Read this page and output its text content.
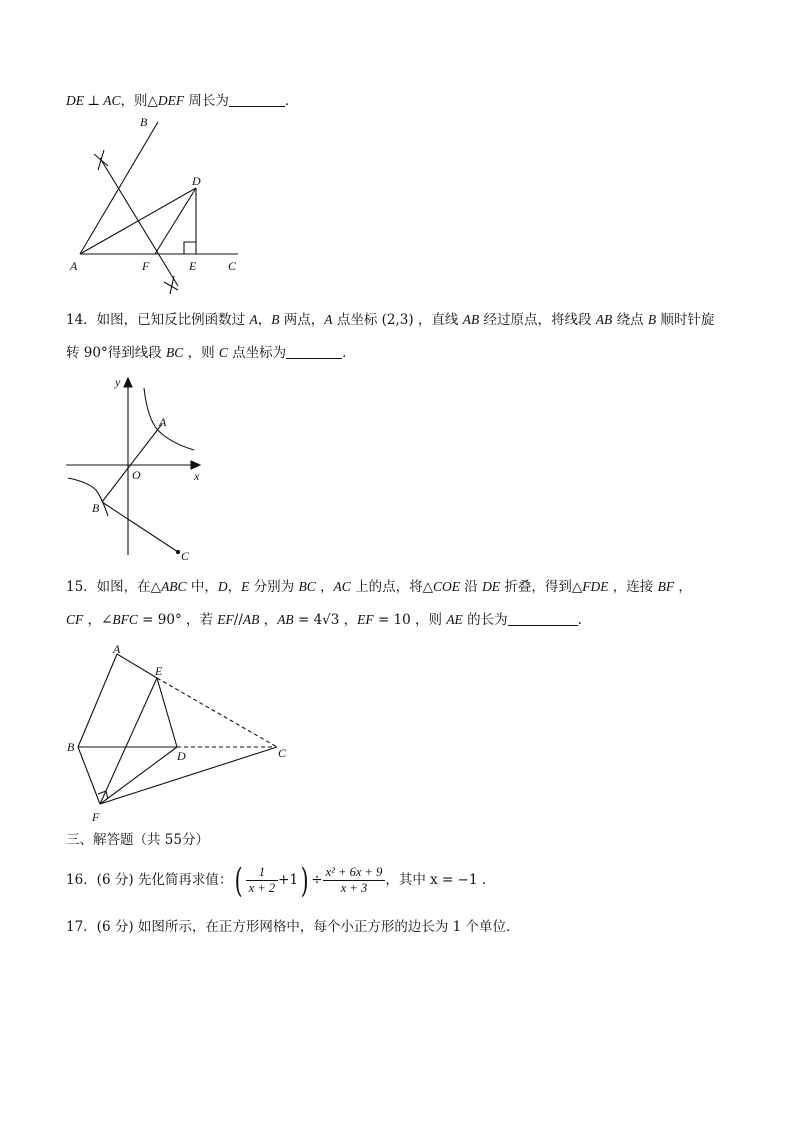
DE ⊥ AC，则△DEF 周长为	．
B
D
A	F	E	C
14．如图，已知反比例函数过 A，B 两点，A 点坐标 (2,3) ，直线 AB 经过原点，将线段 AB 绕点 B 顺时针旋
转 90°得到线段 BC ，则 C 点坐标为	．
y
A
O	x
B
C
15．如图，在△ABC 中，D，E 分别为 BC ，AC 上的点，将△COE 沿 DE 折叠，得到△FDE ，连接 BF ，
CF ，∠BFC = 90° ，若 EF//AB ，AB = 4√3 ，EF = 10 ，则 AE 的长为	.
A
E
B
D	C
F
三、解答题（共 55分）
16．(6 分) 先化简再求值：( $\frac{1}{x + 2} +1) \div \frac{\text{x² + 6x + 9}}{x + 3}$ ，其中 x = −1 .
17．(6 分) 如图所示，在正方形网格中，每个小正方形的边长为 1 个单位．
